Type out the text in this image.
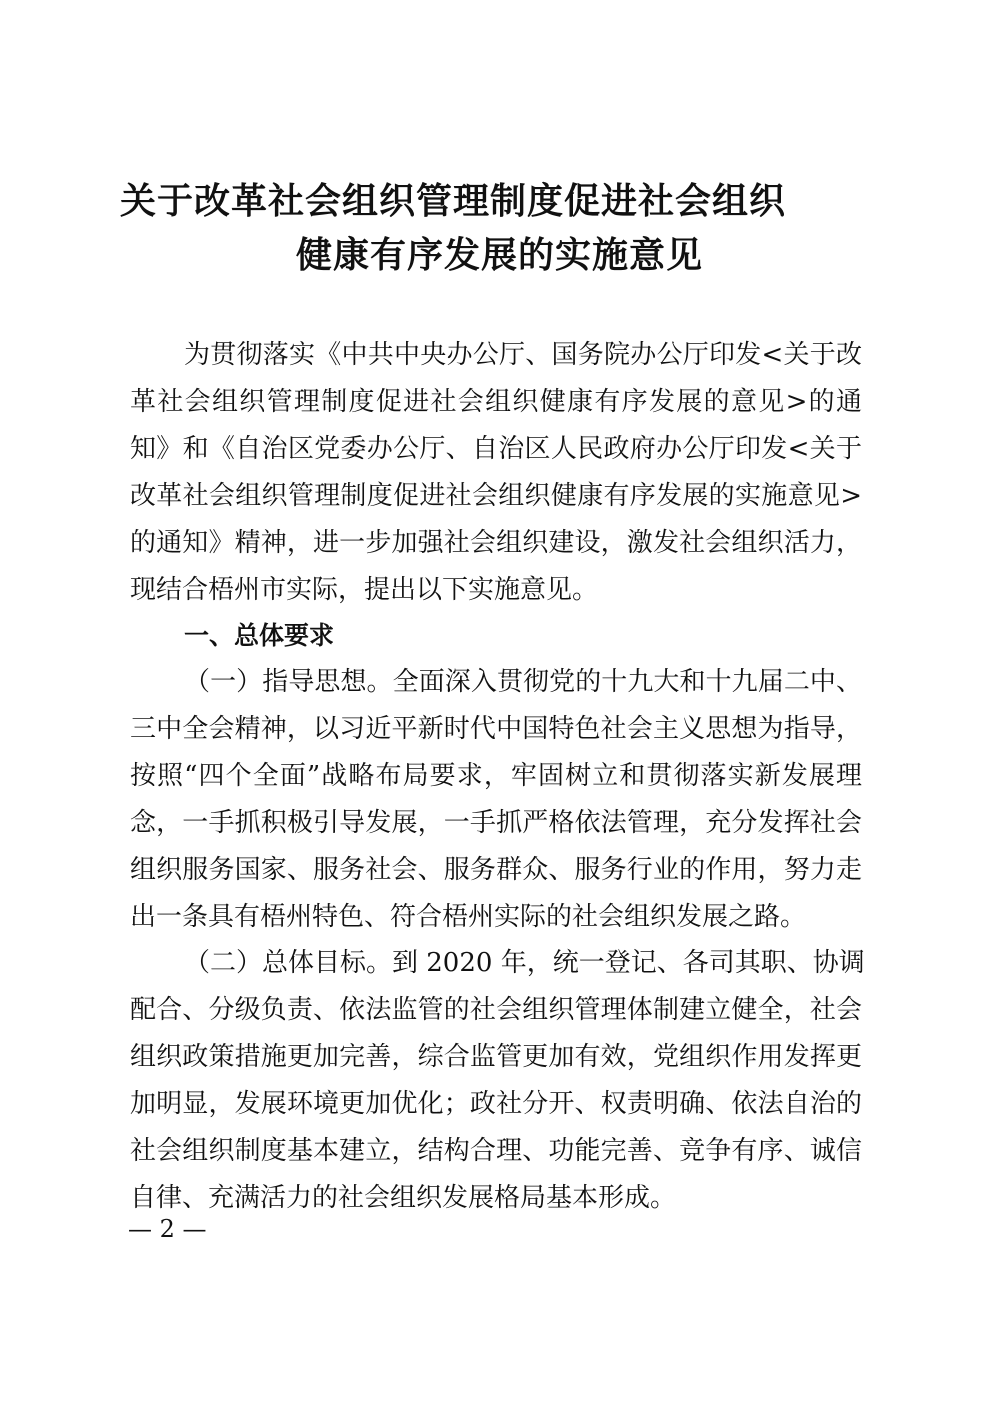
关于改革社会组织管理制度促进社会组织
健康有序发展的实施意见
为贯彻落实《中共中央办公厅、国务院办公厅印发<关于改
革社会组织管理制度促进社会组织健康有序发展的意见>的通
知》和《自治区党委办公厅、自治区人民政府办公厅印发<关于
改革社会组织管理制度促进社会组织健康有序发展的实施意见>
的通知》精神，进一步加强社会组织建设，激发社会组织活力，
现结合梧州市实际，提出以下实施意见。
一、总体要求
（一）指导思想。全面深入贯彻党的十九大和十九届二中、
三中全会精神，以习近平新时代中国特色社会主义思想为指导，
按照“四个全面”战略布局要求，牢固树立和贯彻落实新发展理
念，一手抓积极引导发展，一手抓严格依法管理，充分发挥社会
组织服务国家、服务社会、服务群众、服务行业的作用，努力走
出一条具有梧州特色、符合梧州实际的社会组织发展之路。
（二）总体目标。到 2020 年，统一登记、各司其职、协调
配合、分级负责、依法监管的社会组织管理体制建立健全，社会
组织政策措施更加完善，综合监管更加有效，党组织作用发挥更
加明显，发展环境更加优化；政社分开、权责明确、依法自治的
社会组织制度基本建立，结构合理、功能完善、竞争有序、诚信
自律、充满活力的社会组织发展格局基本形成。
— 2 —
